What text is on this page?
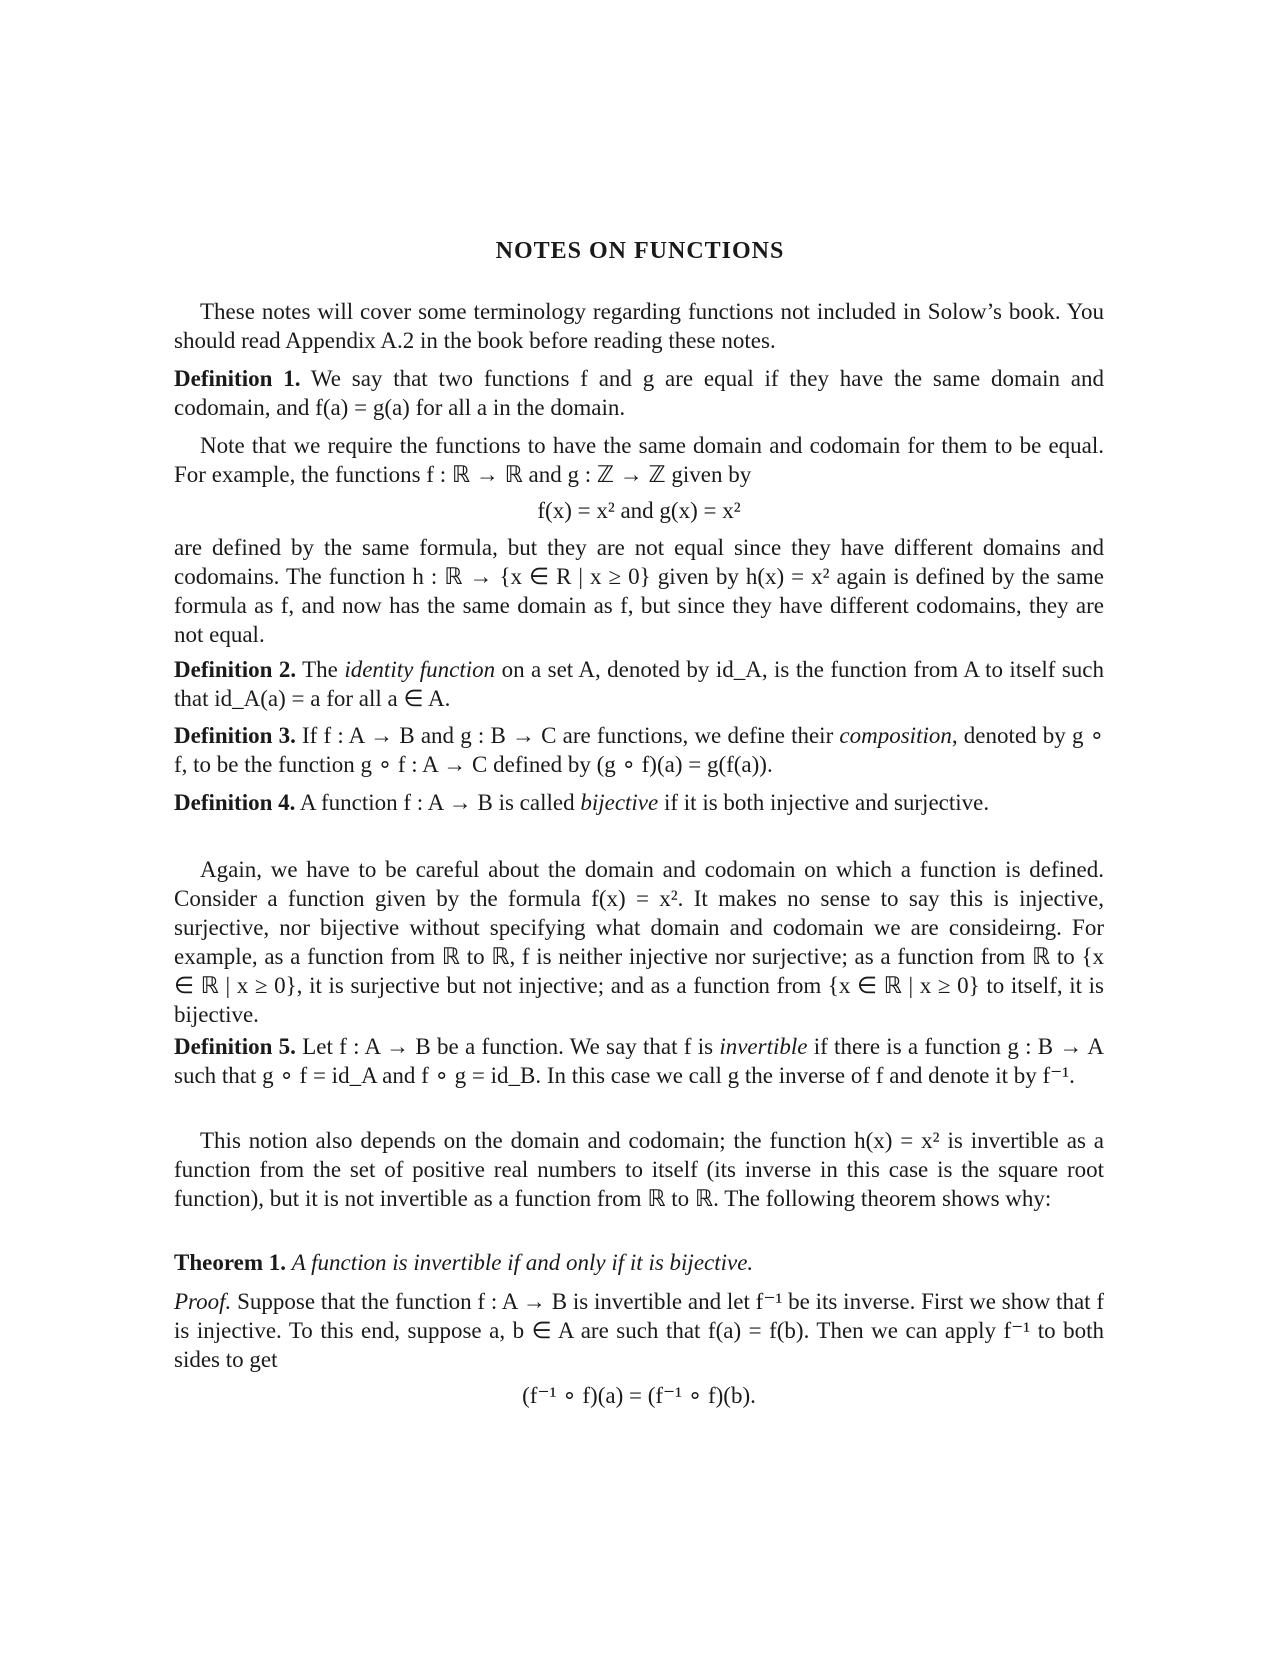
NOTES ON FUNCTIONS

These notes will cover some terminology regarding functions not included in Solow’s book. You should read Appendix A.2 in the book before reading these notes.

Definition 1. We say that two functions f and g are equal if they have the same domain and codomain, and f(a) = g(a) for all a in the domain.

Note that we require the functions to have the same domain and codomain for them to be equal. For example, the functions f : ℝ → ℝ and g : ℤ → ℤ given by

f(x) = x² and g(x) = x²

are defined by the same formula, but they are not equal since they have different domains and codomains. The function h : ℝ → {x ∈ R | x ≥ 0} given by h(x) = x² again is defined by the same formula as f, and now has the same domain as f, but since they have different codomains, they are not equal.

Definition 2. The identity function on a set A, denoted by id_A, is the function from A to itself such that id_A(a) = a for all a ∈ A.

Definition 3. If f : A → B and g : B → C are functions, we define their composition, denoted by g ∘ f, to be the function g ∘ f : A → C defined by (g ∘ f)(a) = g(f(a)).

Definition 4. A function f : A → B is called bijective if it is both injective and surjective.

Again, we have to be careful about the domain and codomain on which a function is defined. Consider a function given by the formula f(x) = x². It makes no sense to say this is injective, surjective, nor bijective without specifying what domain and codomain we are consideirng. For example, as a function from ℝ to ℝ, f is neither injective nor surjective; as a function from ℝ to {x ∈ ℝ | x ≥ 0}, it is surjective but not injective; and as a function from {x ∈ ℝ | x ≥ 0} to itself, it is bijective.

Definition 5. Let f : A → B be a function. We say that f is invertible if there is a function g : B → A such that g ∘ f = id_A and f ∘ g = id_B. In this case we call g the inverse of f and denote it by f⁻¹.

This notion also depends on the domain and codomain; the function h(x) = x² is invertible as a function from the set of positive real numbers to itself (its inverse in this case is the square root function), but it is not invertible as a function from ℝ to ℝ. The following theorem shows why:

Theorem 1. A function is invertible if and only if it is bijective.

Proof. Suppose that the function f : A → B is invertible and let f⁻¹ be its inverse. First we show that f is injective. To this end, suppose a, b ∈ A are such that f(a) = f(b). Then we can apply f⁻¹ to both sides to get

(f⁻¹ ∘ f)(a) = (f⁻¹ ∘ f)(b).
